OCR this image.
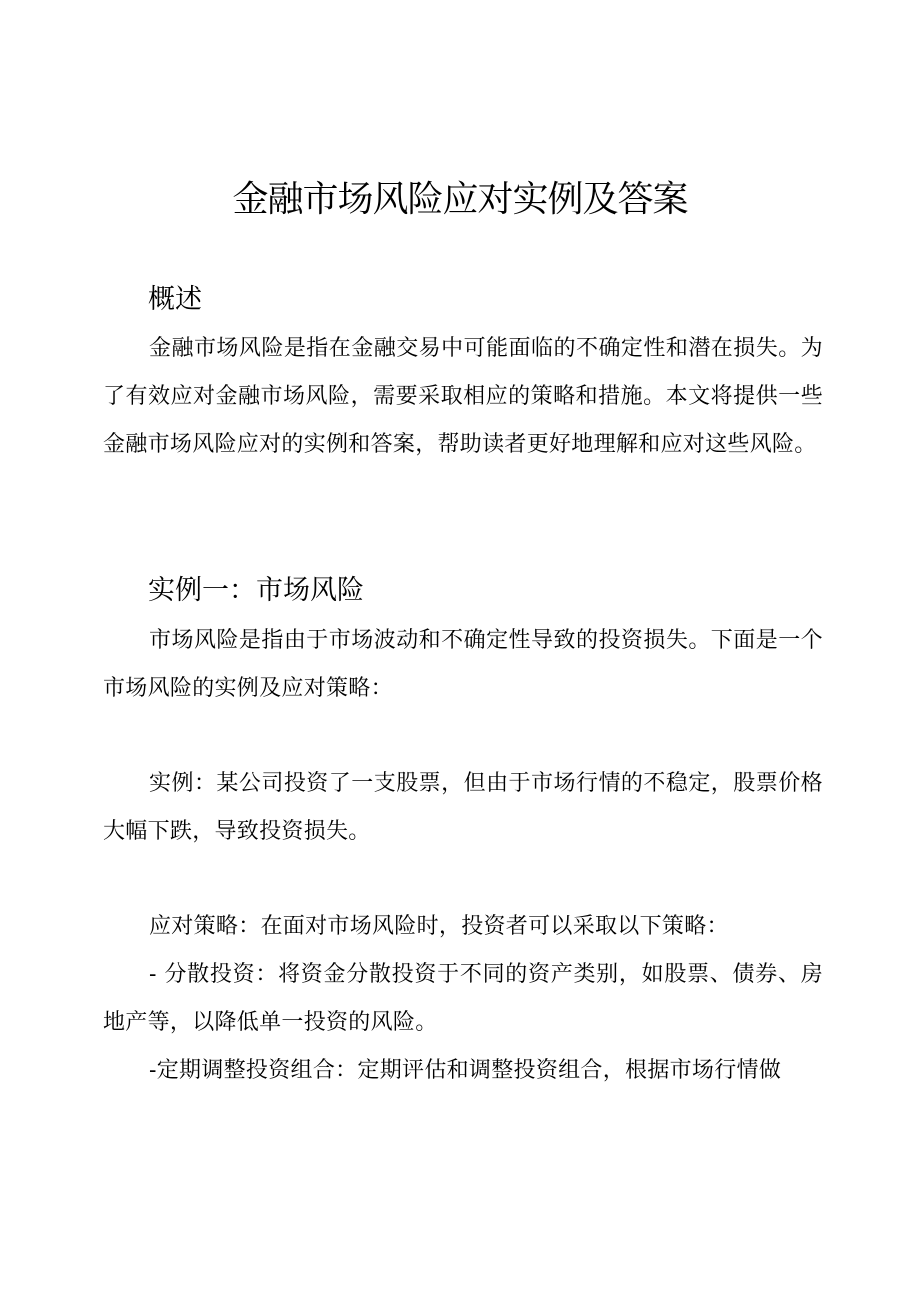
金融市场风险应对实例及答案
概述

金融市场风险是指在金融交易中可能面临的不确定性和潜在损失。为了有效应对金融市场风险，需要采取相应的策略和措施。本文将提供一些金融市场风险应对的实例和答案，帮助读者更好地理解和应对这些风险。

实例一：市场风险

市场风险是指由于市场波动和不确定性导致的投资损失。下面是一个市场风险的实例及应对策略：

实例：某公司投资了一支股票，但由于市场行情的不稳定，股票价格大幅下跌，导致投资损失。

应对策略：在面对市场风险时，投资者可以采取以下策略：

- 分散投资：将资金分散投资于不同的资产类别，如股票、债券、房地产等，以降低单一投资的风险。

-定期调整投资组合：定期评估和调整投资组合，根据市场行情做
